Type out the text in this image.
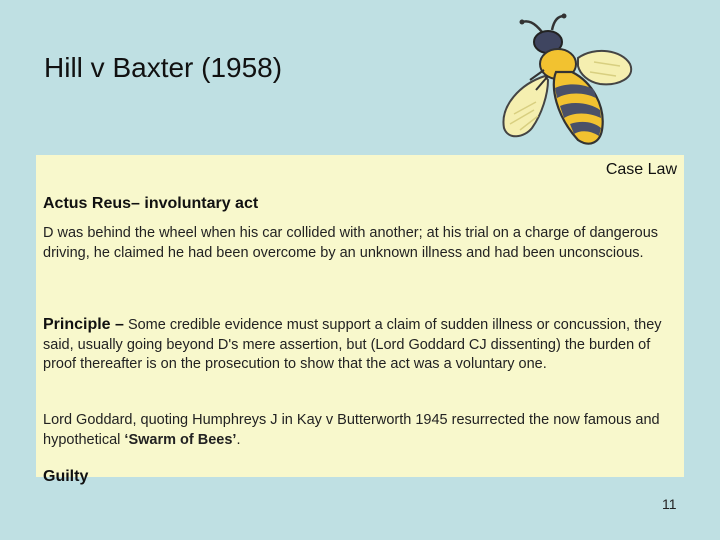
Hill v Baxter (1958)
Case Law
Actus Reus– involuntary act
D was behind the wheel when his car collided with another; at his trial on a charge of dangerous driving, he claimed he had been overcome by an unknown illness and had been unconscious.
Principle – Some credible evidence must support a claim of sudden illness or concussion, they said, usually going beyond D's mere assertion, but (Lord Goddard CJ dissenting) the burden of proof thereafter is on the prosecution to show that the act was a voluntary one.
Lord Goddard, quoting Humphreys J in Kay v Butterworth 1945 resurrected the now famous and hypothetical ‘Swarm of Bees’.
Guilty
11
